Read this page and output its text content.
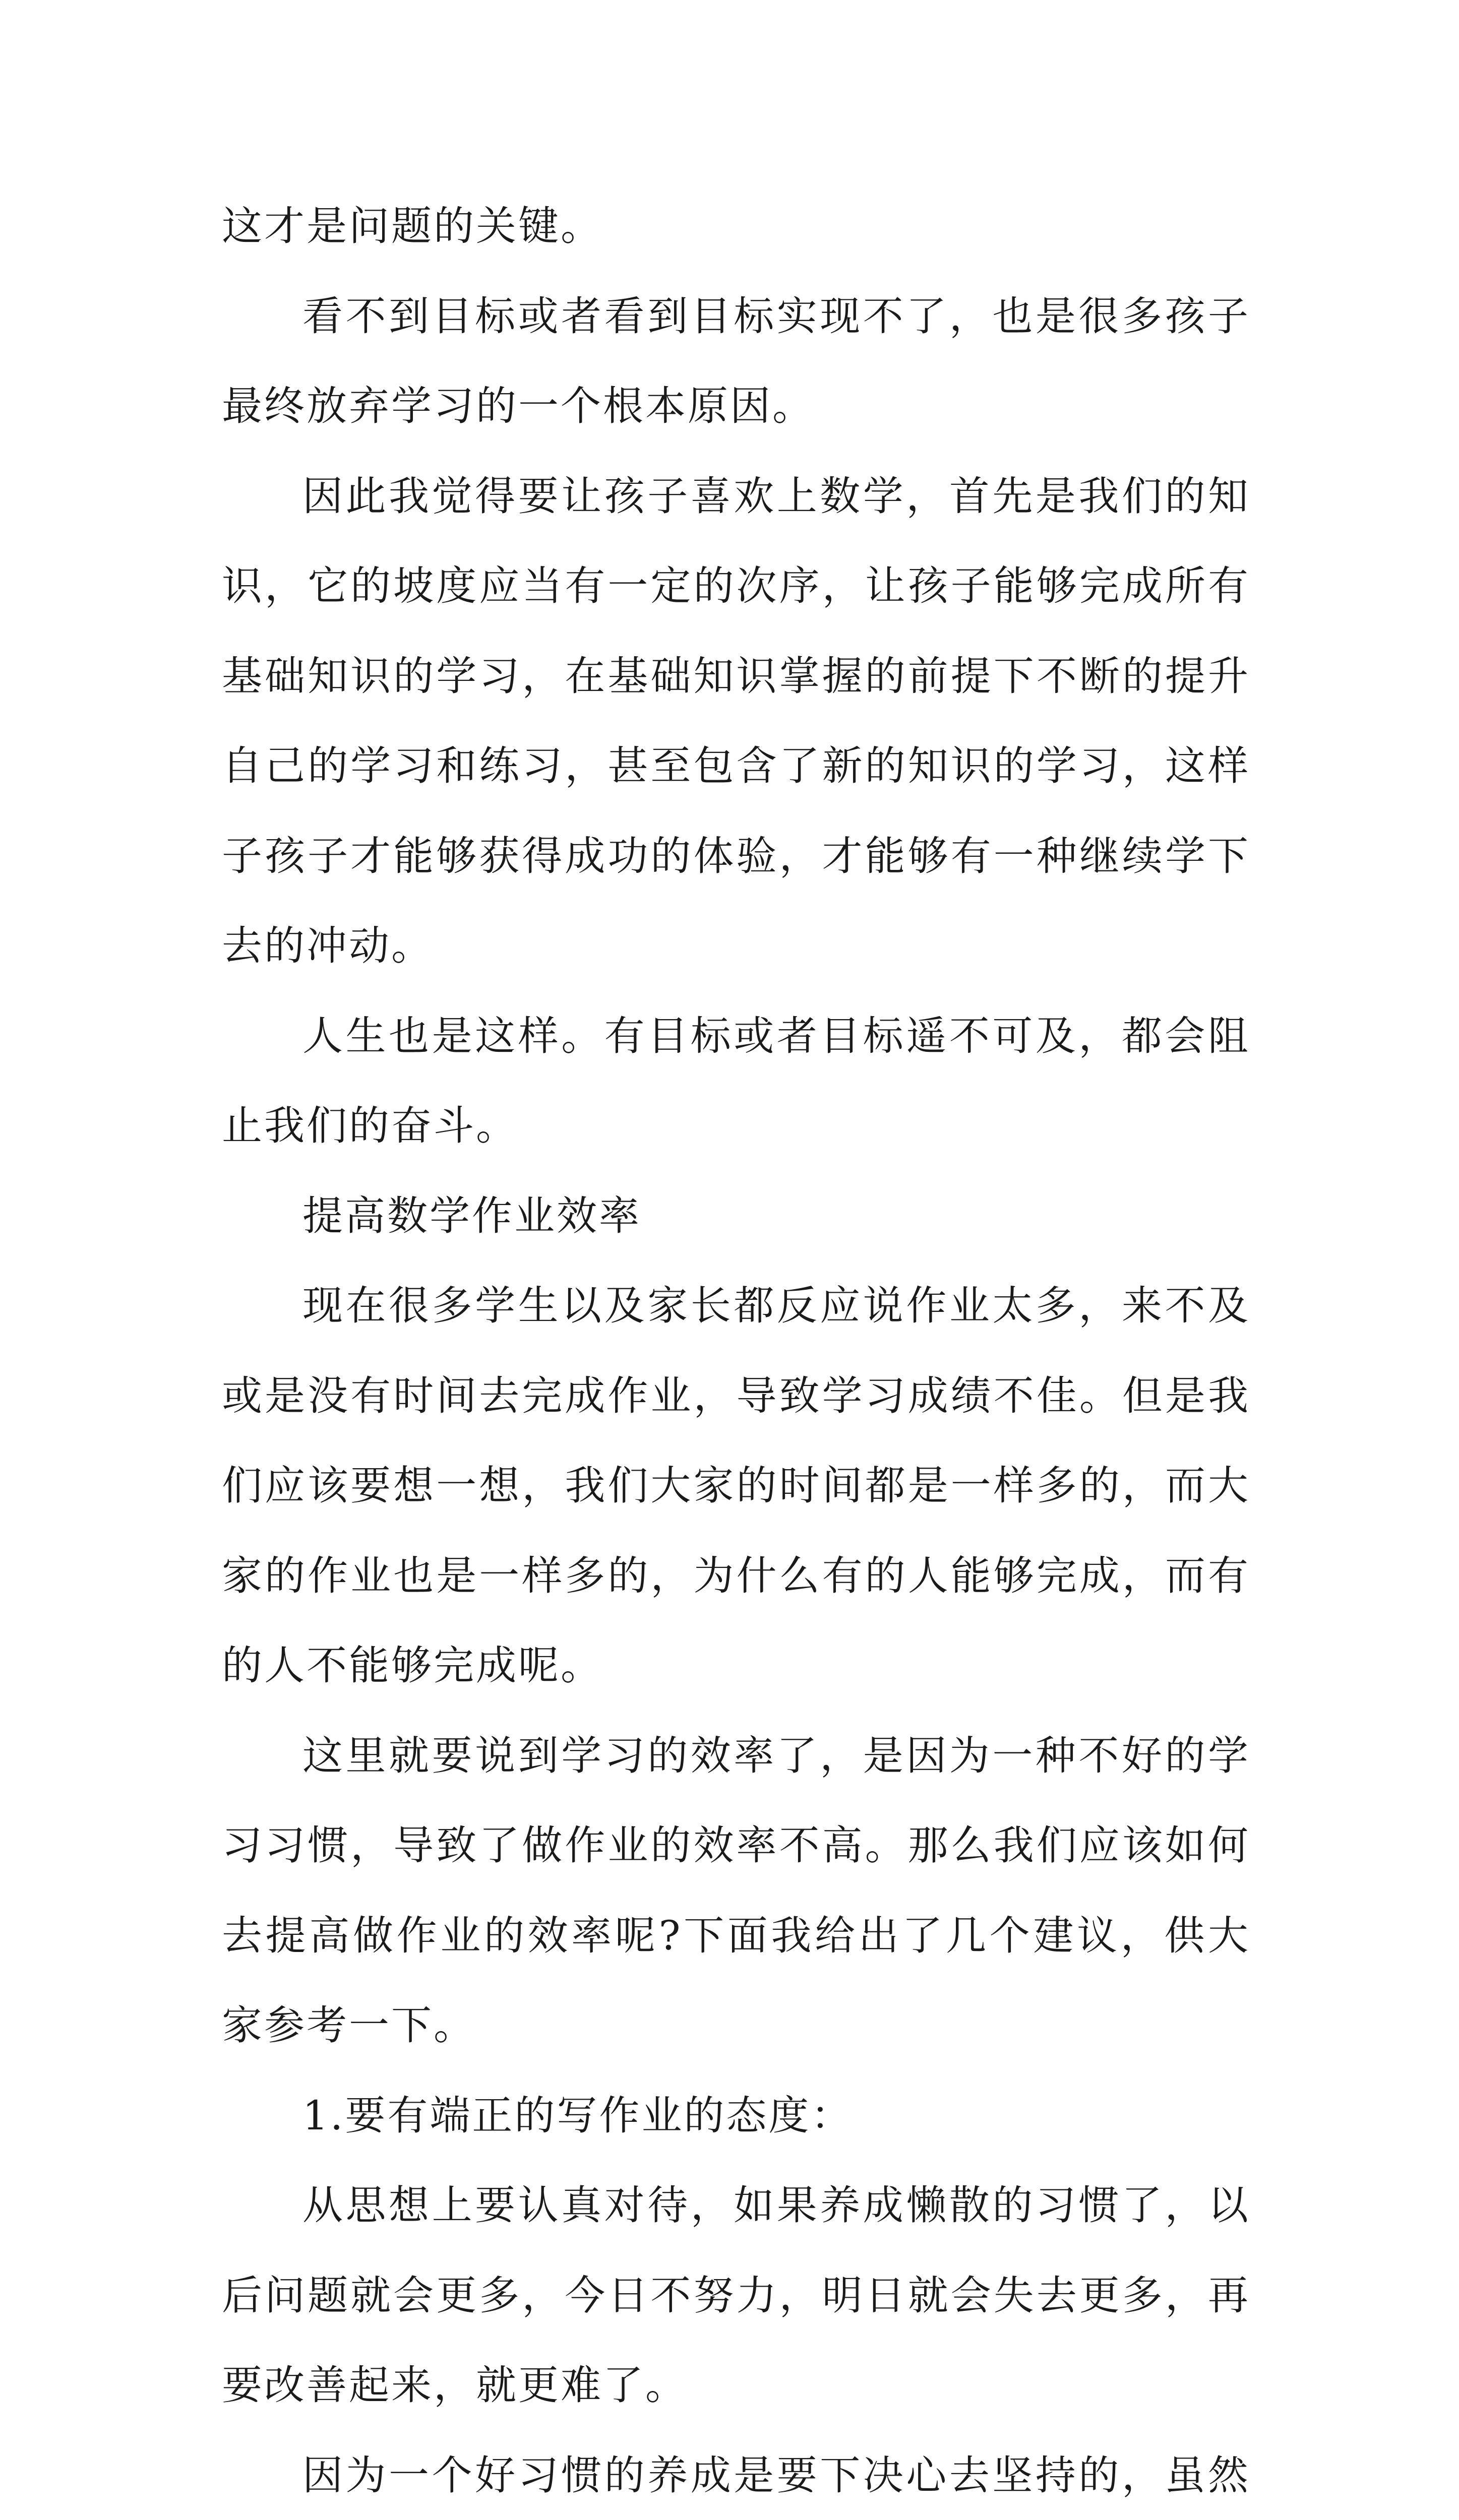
这才是问题的关键。

看不到目标或者看到目标实现不了，也是很多孩子最终放弃学习的一个根本原因。

因此我觉得要让孩子喜欢上数学，首先是我们的知识，它的坡度应当有一定的次序，让孩子能够完成所有基础知识的学习，在基础知识掌握的前提下不断的提升自己的学习和练习，甚至包含了新的知识的学习，这样子孩子才能够获得成功的体验，才能够有一种继续学下去的冲动。

人生也是这样。有目标或者目标遥不可及，都会阻止我们的奋斗。

提高数学作业效率

现在很多学生以及家长都反应说作业太多，来不及或是没有时间去完成作业，导致学习成绩不佳。但是我们应该要想一想，我们大家的时间都是一样多的，而大家的作业也是一样多的，为什么有的人能够完成，而有的人不能够完成呢。

这里就要说到学习的效率了，是因为一种不好的学习习惯，导致了做作业的效率不高。那么我们应该如何去提高做作业的效率呢?下面我给出了几个建议，供大家参考一下。

1.要有端正的写作业的态度：

从思想上要认真对待，如果养成懒散的习惯了，以后问题就会更多，今日不努力，明日就会失去更多，再要改善起来，就更难了。

因为一个好习惯的养成是要下决心去坚持的，虽然
